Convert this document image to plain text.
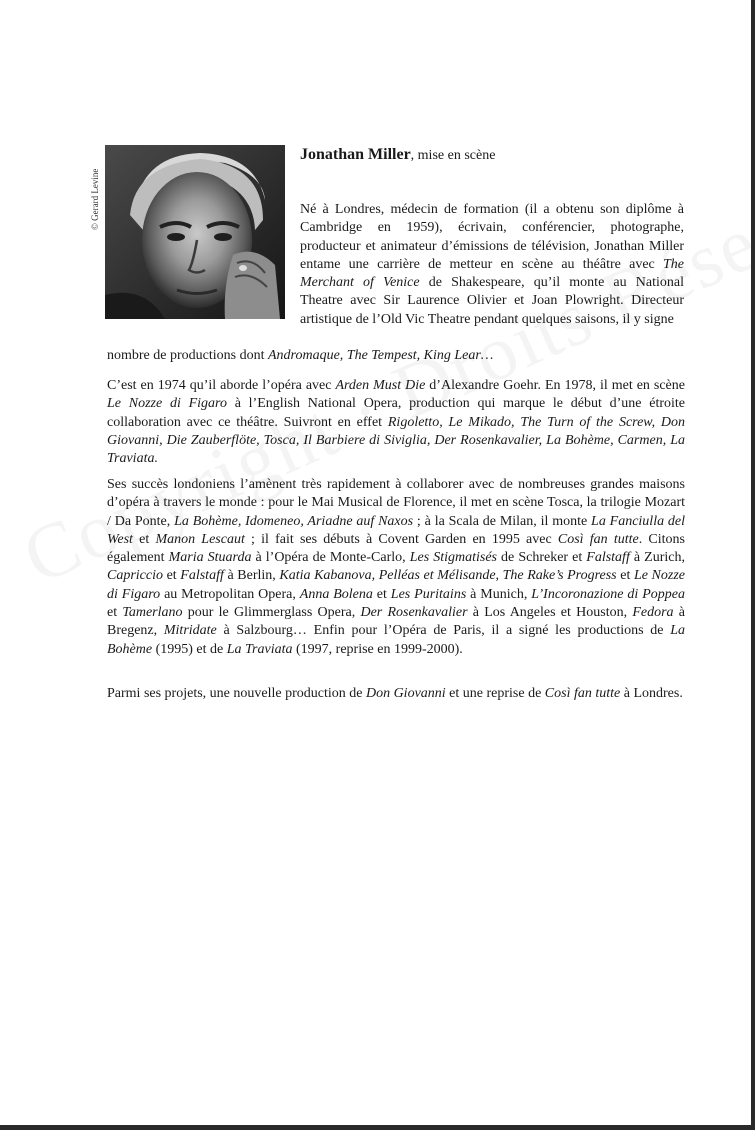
© Gerard Levine
Jonathan Miller, mise en scène
Né à Londres, médecin de formation (il a obtenu son diplôme à Cambridge en 1959), écrivain, conférencier, photographe, producteur et animateur d’émissions de télévision, Jonathan Miller entame une carrière de metteur en scène au théâtre avec The Merchant of Venice de Shakespeare, qu’il monte au National Theatre avec Sir Laurence Olivier et Joan Plowright. Directeur artistique de l’Old Vic Theatre pendant quelques saisons, il y signe
nombre de productions dont Andromaque, The Tempest, King Lear…
C’est en 1974 qu’il aborde l’opéra avec Arden Must Die d’Alexandre Goehr. En 1978, il met en scène Le Nozze di Figaro à l’English National Opera, production qui marque le début d’une étroite collaboration avec ce théâtre. Suivront en effet Rigoletto, Le Mikado, The Turn of the Screw, Don Giovanni, Die Zauberflöte, Tosca, Il Barbiere di Siviglia, Der Rosenkavalier, La Bohème, Carmen, La Traviata.
Ses succès londoniens l’amènent très rapidement à collaborer avec de nombreuses grandes maisons d’opéra à travers le monde : pour le Mai Musical de Florence, il met en scène Tosca, la trilogie Mozart / Da Ponte, La Bohème, Idomeneo, Ariadne auf Naxos ; à la Scala de Milan, il monte La Fanciulla del West et Manon Lescaut ; il fait ses débuts à Covent Garden en 1995 avec Così fan tutte. Citons également Maria Stuarda à l’Opéra de Monte-Carlo, Les Stigmatisés de Schreker et Falstaff à Zurich, Capriccio et Falstaff à Berlin, Katia Kabanova, Pelléas et Mélisande, The Rake’s Progress et Le Nozze di Figaro au Metropolitan Opera, Anna Bolena et Les Puritains à Munich, L’Incoronazione di Poppea et Tamerlano pour le Glimmerglass Opera, Der Rosenkavalier à Los Angeles et Houston, Fedora à Bregenz, Mitridate à Salzbourg… Enfin pour l’Opéra de Paris, il a signé les productions de La Bohème (1995) et de La Traviata (1997, reprise en 1999-2000).
Parmi ses projets, une nouvelle production de Don Giovanni et une reprise de Così fan tutte à Londres.
